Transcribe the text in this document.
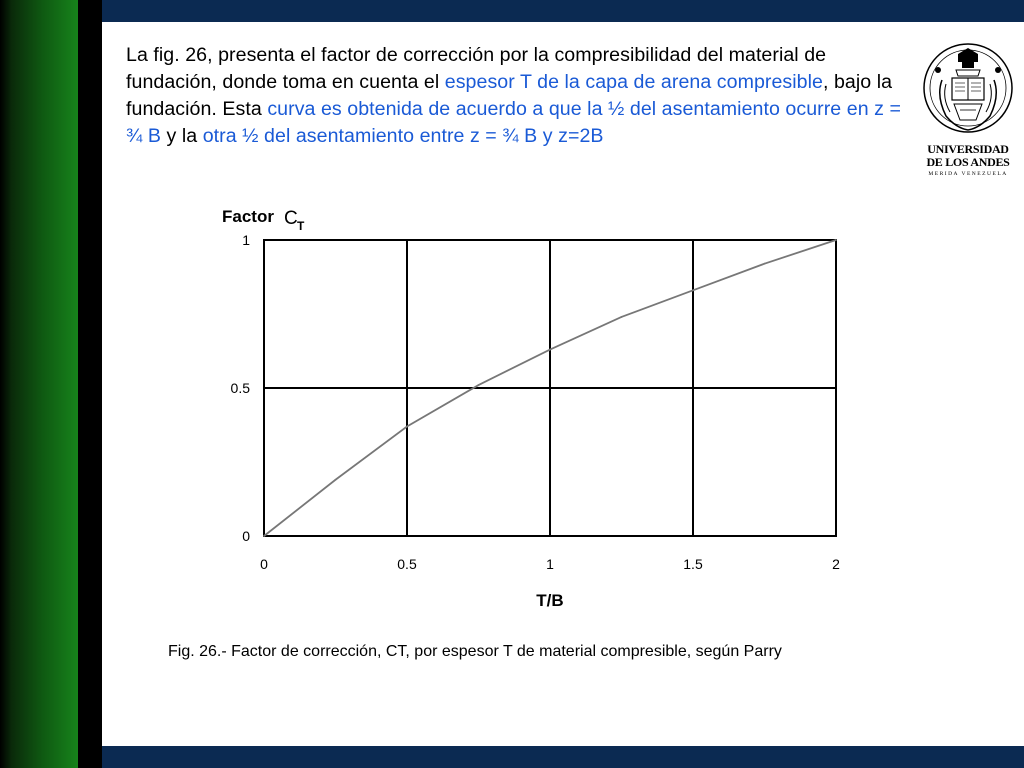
La fig. 26, presenta el factor de corrección por la compresibilidad del material de fundación, donde toma en cuenta el espesor T de la capa de arena compresible, bajo la fundación. Esta curva es obtenida de acuerdo a que la ½ del asentamiento ocurre en z = ¾ B y la otra ½ del asentamiento entre z = ¾ B y z=2B
UNIVERSIDAD
DE LOS ANDES
MERIDA VENEZUELA
0	0.5	1	1.5	2
0
0.5
1
Factor C T
T/B
Fig. 26.- Factor de corrección, CT, por espesor T de material compresible, según Parry
